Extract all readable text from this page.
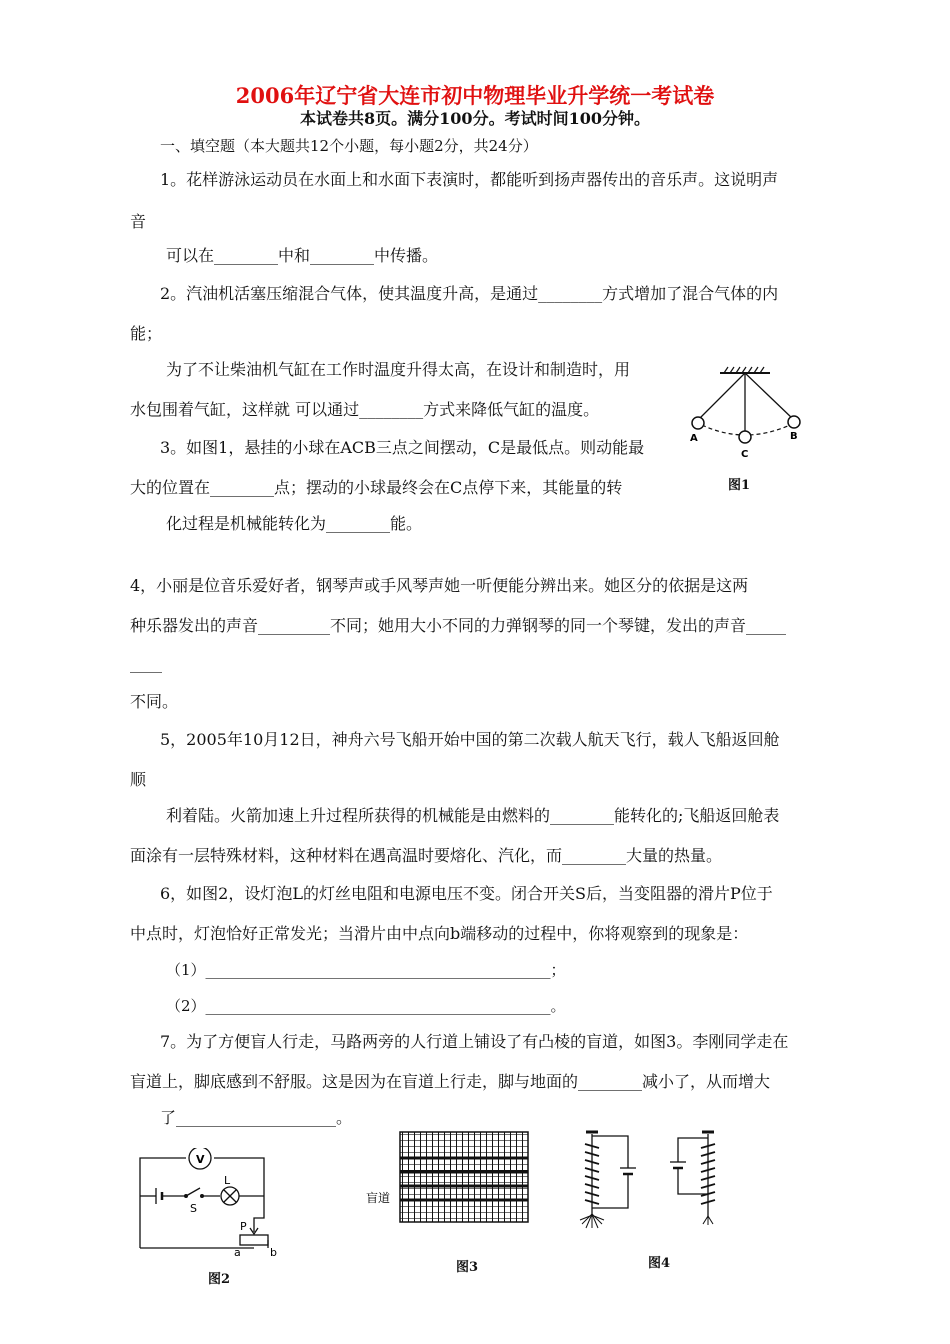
2006年辽宁省大连市初中物理毕业升学统一考试卷
本试卷共8页。满分100分。考试时间100分钟。
一、填空题（本大题共12个小题，每小题2分，共24分）
1。花样游泳运动员在水面上和水面下表演时，都能听到扬声器传出的音乐声。这说明声
音
可以在________中和________中传播。
2。汽油机活塞压缩混合气体，使其温度升高，是通过________方式增加了混合气体的内
能；
为了不让柴油机气缸在工作时温度升得太高，在设计和制造时，用
水包围着气缸，这样就 可以通过________方式来降低气缸的温度。
3。如图1，悬挂的小球在ACB三点之间摆动，C是最低点。则动能最
大的位置在________点；摆动的小球最终会在C点停下来，其能量的转
化过程是机械能转化为________能。
A
C
B
图1
4，小丽是位音乐爱好者，钢琴声或手风琴声她一听便能分辨出来。她区分的依据是这两
种乐器发出的声音_________不同；她用大小不同的力弹钢琴的同一个琴键，发出的声音_____
____
不同。
5，2005年10月12日，神舟六号飞船开始中国的第二次载人航天飞行，载人飞船返回舱
顺
利着陆。火箭加速上升过程所获得的机械能是由燃料的________能转化的;飞船返回舱表
面涂有一层特殊材料，这种材料在遇高温时要熔化、汽化，而________大量的热量。
6，如图2，设灯泡L的灯丝电阻和电源电压不变。闭合开关S后，当变阻器的滑片P位于
中点时，灯泡恰好正常发光；当滑片由中点向b端移动的过程中，你将观察到的现象是：
（1）______________________________________________；
（2）______________________________________________。
7。为了方便盲人行走，马路两旁的人行道上铺设了有凸棱的盲道，如图3。李刚同学走在
盲道上，脚底感到不舒服。这是因为在盲道上行走，脚与地面的________减小了，从而增大
了____________________。
V
L
S
P
a	b
图2
盲道
图3	图4
